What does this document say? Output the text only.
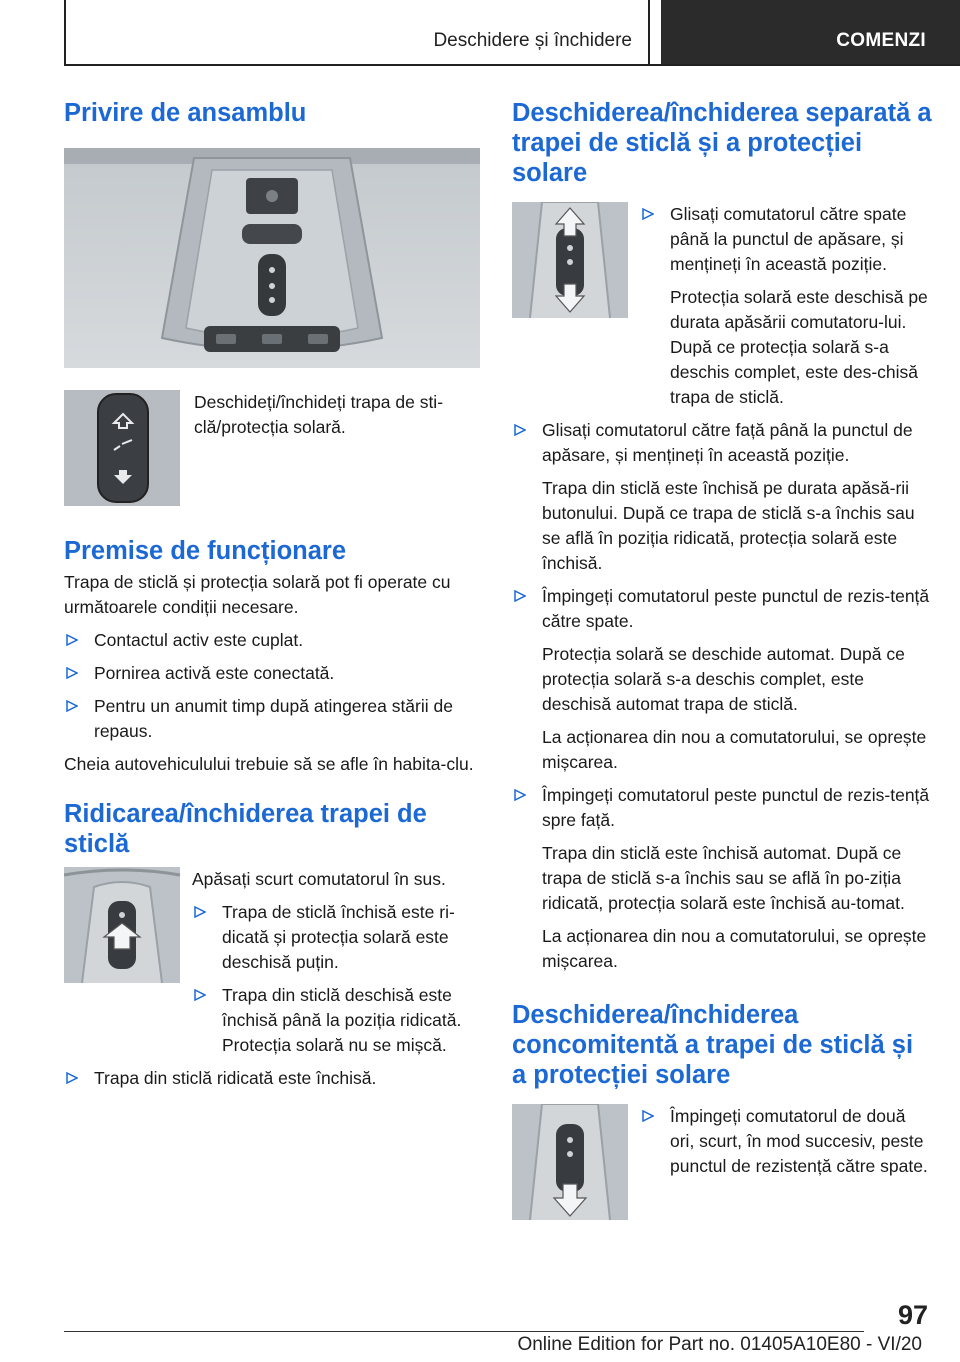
Deschidere și închidere	COMENZI
Privire de ansamblu

Deschideți/închideți trapa de sti-clă/protecția solară.

Premise de funcționare

Trapa de sticlă și protecția solară pot fi operate cu următoarele condiții necesare.

Contactul activ este cuplat.
Pornirea activă este conectată.
Pentru un anumit timp după atingerea stării de repaus.

Cheia autovehiculului trebuie să se afle în habita-clu.

Ridicarea/închiderea trapei de sticlă

Apăsați scurt comutatorul în sus.

Trapa de sticlă închisă este ri-dicată și protecția solară este deschisă puțin.
Trapa din sticlă deschisă este închisă până la poziția ridicată. Protecția solară nu se mișcă.
Trapa din sticlă ridicată este închisă.
Deschiderea/închiderea separată a trapei de sticlă și a protecției solare

Glisați comutatorul către spate până la punctul de apăsare, și mențineți în această poziție.

Protecția solară este deschisă pe durata apăsării comutatoru-lui. După ce protecția solară s-a deschis complet, este des-chisă trapa de sticlă.

Glisați comutatorul către față până la punctul de apăsare, și mențineți în această poziție.

Trapa din sticlă este închisă pe durata apăsă-rii butonului. După ce trapa de sticlă s-a închis sau se află în poziția ridicată, protecția solară este închisă.

Împingeți comutatorul peste punctul de rezis-tență către spate.

Protecția solară se deschide automat. După ce protecția solară s-a deschis complet, este deschisă automat trapa de sticlă.

La acționarea din nou a comutatorului, se oprește mișcarea.

Împingeți comutatorul peste punctul de rezis-tență spre față.

Trapa din sticlă este închisă automat. După ce trapa de sticlă s-a închis sau se află în po-ziția ridicată, protecția solară este închisă au-tomat.

La acționarea din nou a comutatorului, se oprește mișcarea.

Deschiderea/închiderea concomitentă a trapei de sticlă și a protecției solare
Împingeți comutatorul de două ori, scurt, în mod succesiv, peste punctul de rezistență către spate.
97
Online Edition for Part no. 01405A10E80 - VI/20
